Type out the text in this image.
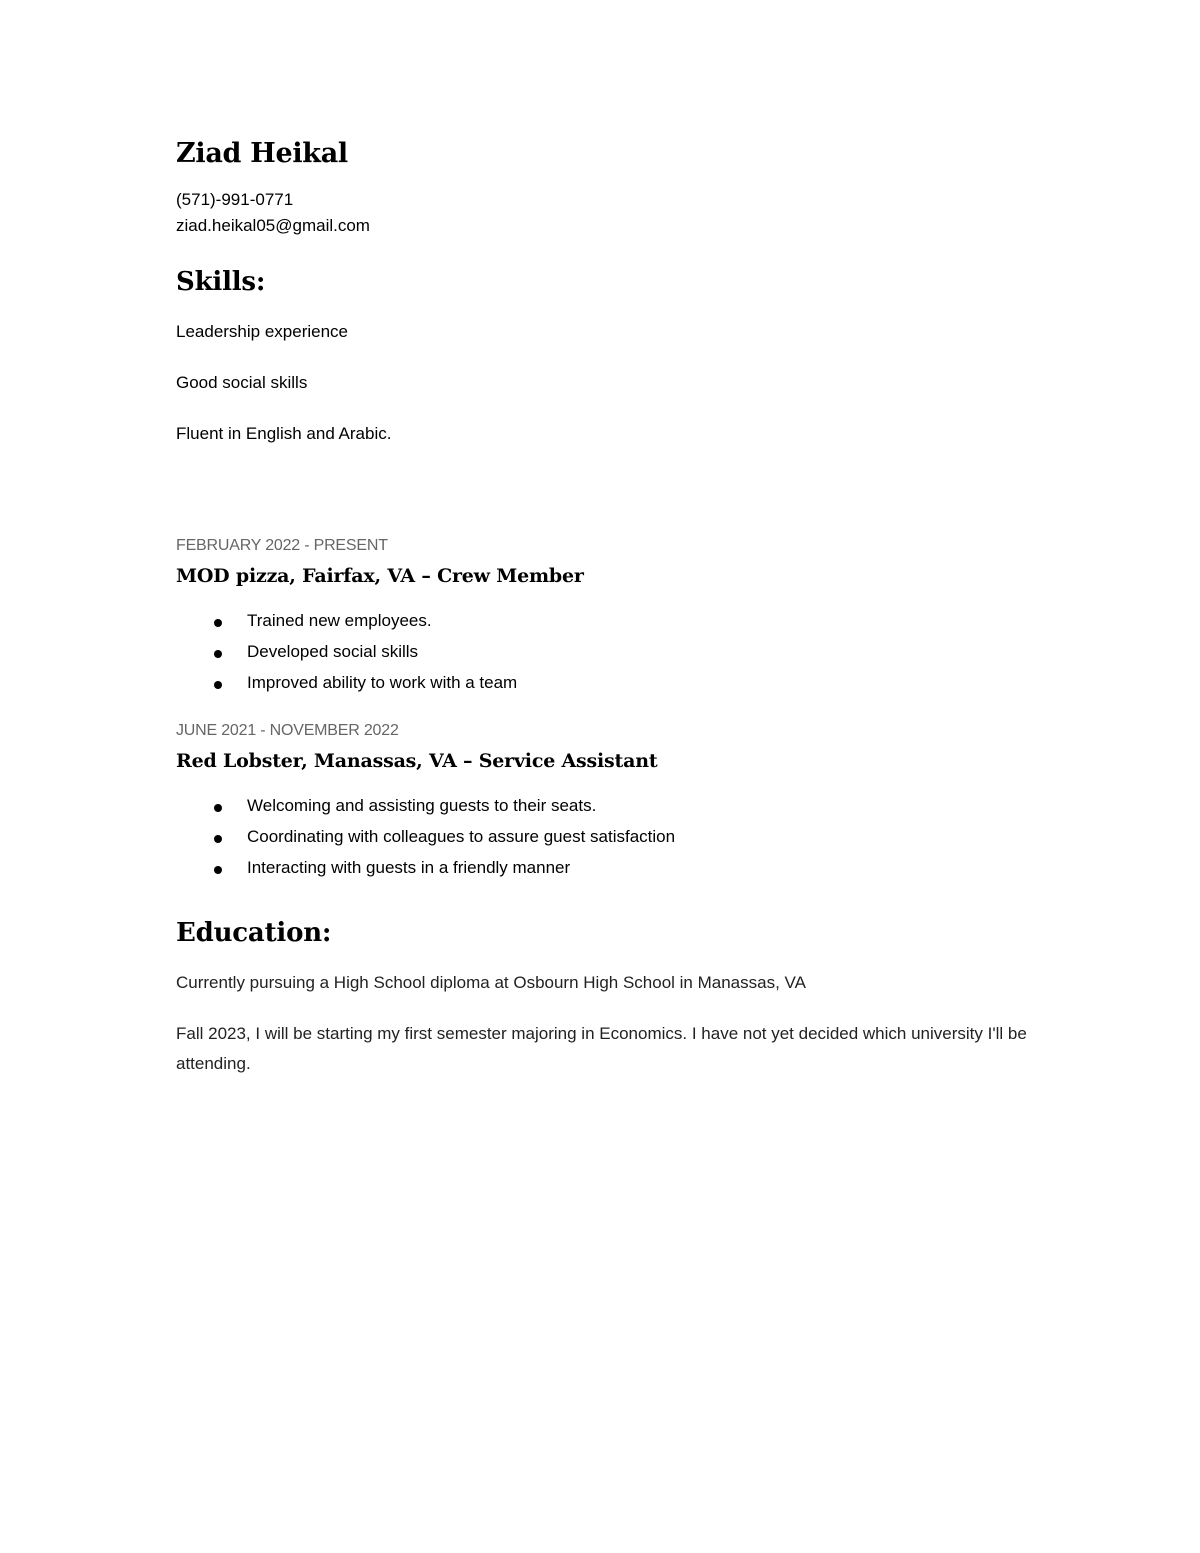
Ziad Heikal
(571)-991-0771
ziad.heikal05@gmail.com
Skills:
Leadership experience
Good social skills
Fluent in English and Arabic.
FEBRUARY 2022 - PRESENT
MOD pizza, Fairfax, VA – Crew Member
Trained new employees.
Developed social skills
Improved ability to work with a team
JUNE 2021 - NOVEMBER 2022
Red Lobster, Manassas, VA – Service Assistant
Welcoming and assisting guests to their seats.
Coordinating with colleagues to assure guest satisfaction
Interacting with guests in a friendly manner
Education:
Currently pursuing a High School diploma at Osbourn High School in Manassas, VA
Fall 2023, I will be starting my first semester majoring in Economics. I have not yet decided which university I'll be attending.
